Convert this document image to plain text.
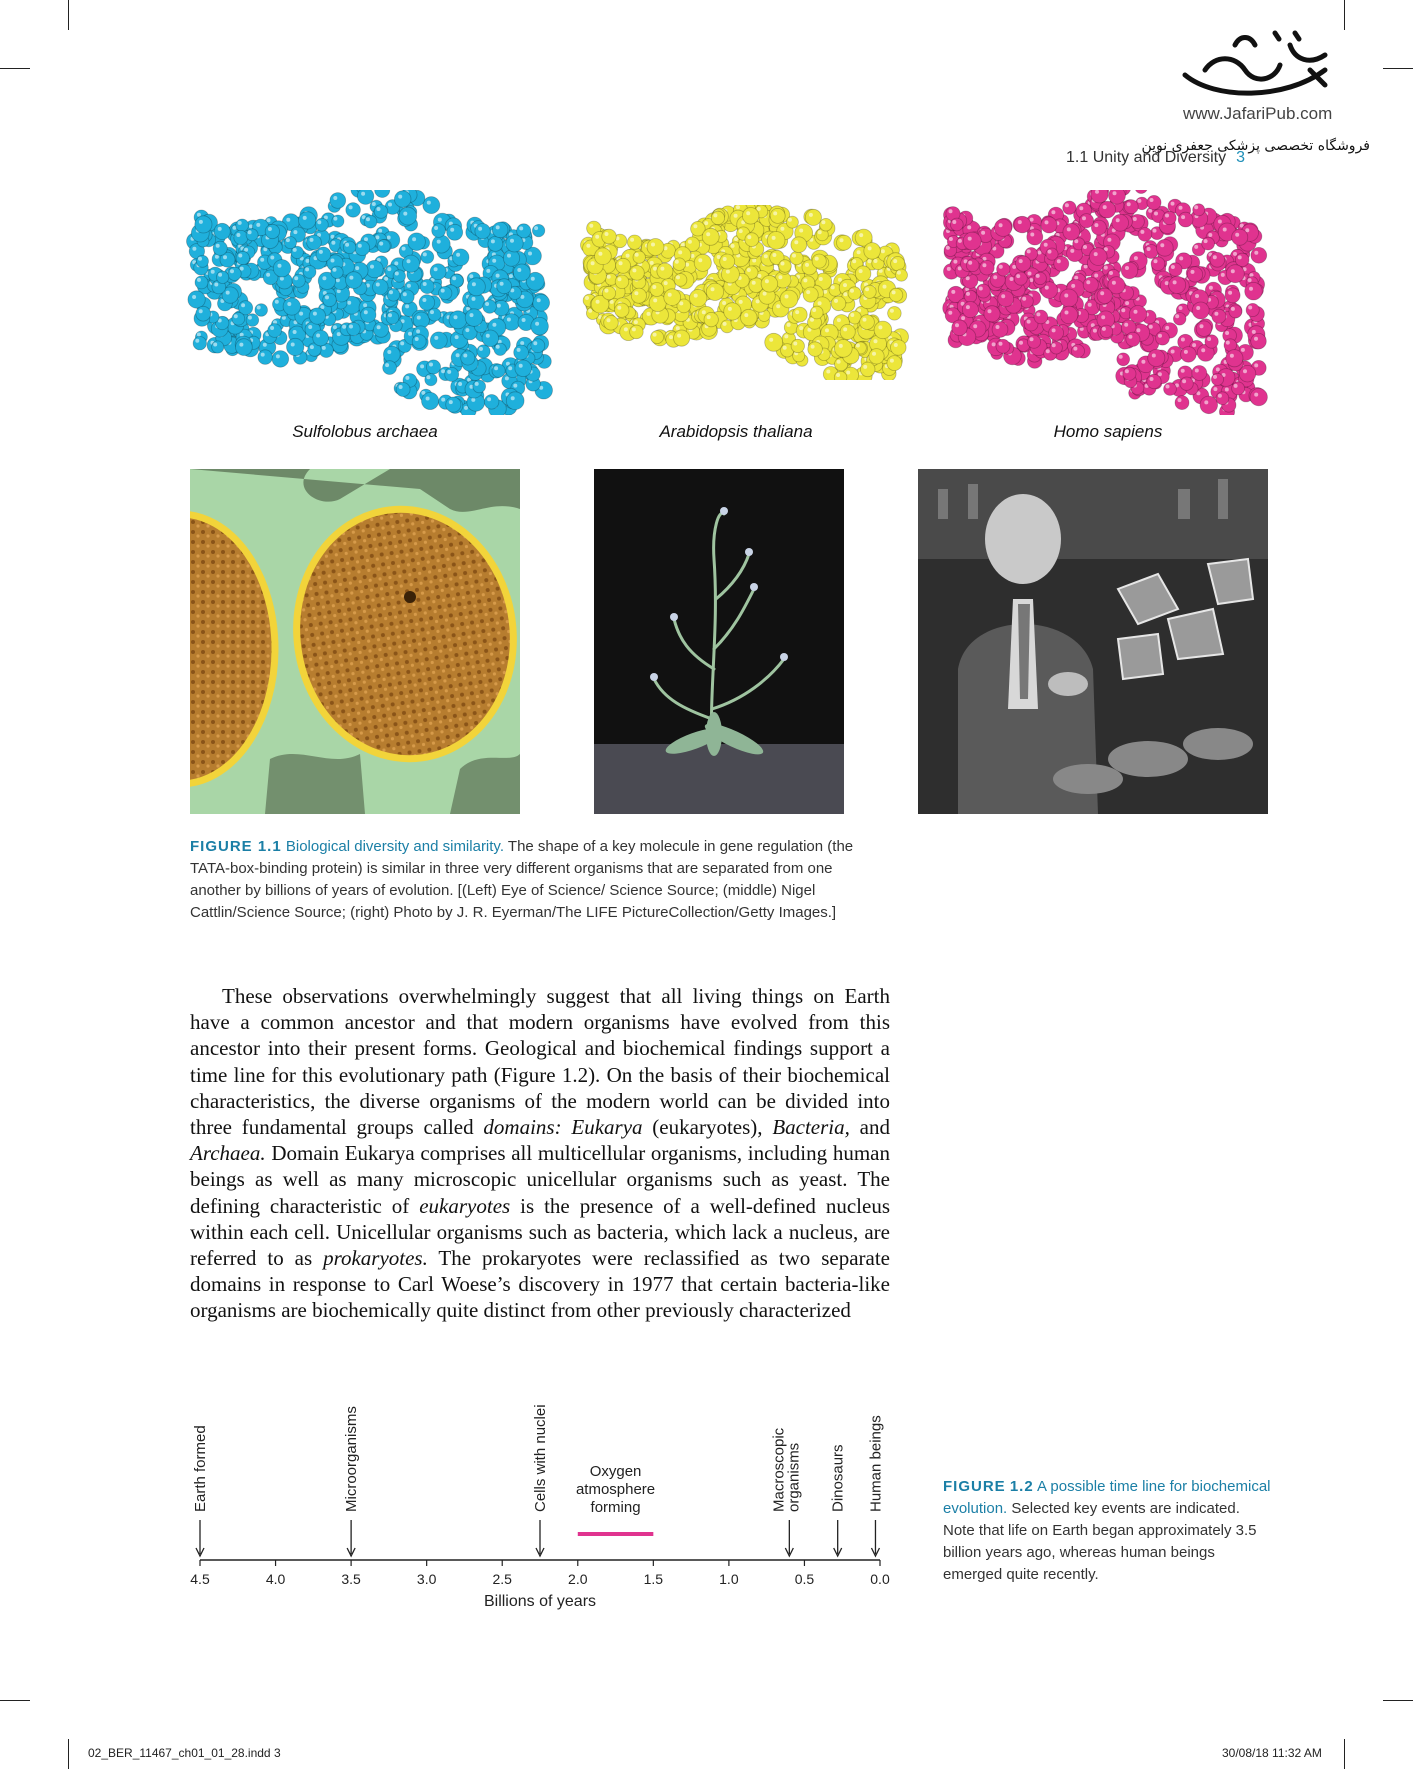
www.JafariPub.com
فروشگاه تخصصی پزشکی جعفری نوین
1.1 Unity and Diversity 3
Sulfolobus archaea	Arabidopsis thaliana	Homo sapiens
FIGURE 1.1 Biological diversity and similarity. The shape of a key molecule in gene regulation (the TATA-box-binding protein) is similar in three very different organisms that are separated from one another by billions of years of evolution. [(Left) Eye of Science/ Science Source; (middle) Nigel Cattlin/Science Source; (right) Photo by J. R. Eyerman/The LIFE PictureCollection/Getty Images.]
These observations overwhelmingly suggest that all living things on Earth have a common ancestor and that modern organisms have evolved from this ancestor into their present forms. Geological and biochemical findings support a time line for this evolutionary path (Figure 1.2). On the basis of their biochemical characteristics, the diverse organisms of the modern world can be divided into three fundamental groups called domains: Eukarya (eukaryotes), Bacteria, and Archaea. Domain Eukarya comprises all multicellular organisms, including human beings as well as many microscopic unicellular organisms such as yeast. The defining characteristic of eukaryotes is the presence of a well-defined nucleus within each cell. Unicellular organisms such as bacteria, which lack a nucleus, are referred to as prokaryotes. The prokaryotes were reclassified as two separate domains in response to Carl Woese’s discovery in 1977 that certain bacteria-like organisms are biochemically quite distinct from other previously characterized
4.5	4.0	3.5	3.0	2.5	2.0	1.5	1.0	0.5	0.0
Billions of years
Earth formed	Microorganisms	Cells with nuclei	Macroscopic
organisms Dinosaurs Human beings
Oxygen
atmosphere
forming
FIGURE 1.2 A possible time line for biochemical evolution. Selected key events are indicated. Note that life on Earth began approximately 3.5 billion years ago, whereas human beings emerged quite recently.
02_BER_11467_ch01_01_28.indd 3	30/08/18 11:32 AM
